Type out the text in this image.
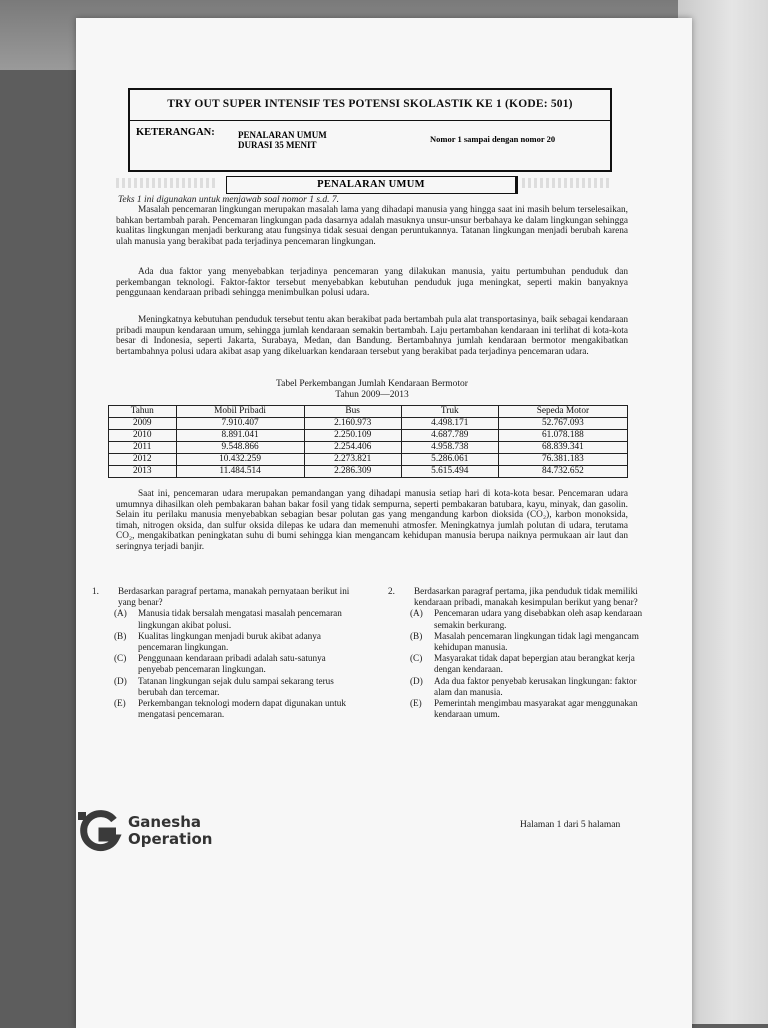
TRY OUT SUPER INTENSIF TES POTENSI SKOLASTIK KE 1 (KODE: 501)
KETERANGAN:	PENALARAN UMUM
DURASI 35 MENIT
Nomor 1 sampai dengan nomor 20
PENALARAN UMUM
Teks 1 ini digunakan untuk menjawab soal nomor 1 s.d. 7.

Masalah pencemaran lingkungan merupakan masalah lama yang dihadapi manusia yang hingga saat ini masih belum terselesaikan, bahkan bertambah parah. Pencemaran lingkungan pada dasarnya adalah masuknya unsur-unsur berbahaya ke dalam lingkungan sehingga kualitas lingkungan menjadi berkurang atau fungsinya tidak sesuai dengan peruntukannya. Tatanan lingkungan menjadi berubah karena ulah manusia yang berakibat pada terjadinya pencemaran lingkungan.

Ada dua faktor yang menyebabkan terjadinya pencemaran yang dilakukan manusia, yaitu pertumbuhan penduduk dan perkembangan teknologi. Faktor-faktor tersebut menyebabkan kebutuhan penduduk juga meningkat, seperti makin banyaknya penggunaan kendaraan pribadi sehingga menimbulkan polusi udara.

Meningkatnya kebutuhan penduduk tersebut tentu akan berakibat pada bertambah pula alat transportasinya, baik sebagai kendaraan pribadi maupun kendaraan umum, sehingga jumlah kendaraan semakin bertambah. Laju pertambahan kendaraan ini terlihat di kota-kota besar di Indonesia, seperti Jakarta, Surabaya, Medan, dan Bandung. Bertambahnya jumlah kendaraan bermotor mengakibatkan bertambahnya polusi udara akibat asap yang dikeluarkan kendaraan tersebut yang berakibat pada terjadinya pencemaran udara.

Tabel Perkembangan Jumlah Kendaraan Bermotor
Tahun 2009—2013
Tahun	Mobil Pribadi	Bus	Truk	Sepeda Motor
2009	7.910.407	2.160.973	4.498.171	52.767.093
2010	8.891.041	2.250.109	4.687.789	61.078.188
2011	9.548.866	2.254.406	4.958.738	68.839.341
2012	10.432.259	2.273.821	5.286.061	76.381.183
2013	11.484.514	2.286.309	5.615.494	84.732.652

Saat ini, pencemaran udara merupakan pemandangan yang dihadapi manusia setiap hari di kota-kota besar. Pencemaran udara umumnya dihasilkan oleh pembakaran bahan bakar fosil yang tidak sempurna, seperti pembakaran batubara, kayu, minyak, dan gasolin. Selain itu perilaku manusia menyebabkan sebagian besar polutan gas yang mengandung karbon dioksida (CO₂), karbon monoksida, timah, nitrogen oksida, dan sulfur oksida dilepas ke udara dan memenuhi atmosfer. Meningkatnya jumlah polutan di udara, terutama CO₂, mengakibatkan peningkatan suhu di bumi sehingga kian mengancam kehidupan manusia berupa naiknya permukaan air laut dan seringnya terjadi banjir.

1.	Berdasarkan paragraf pertama, manakah pernyataan berikut ini yang benar?
(A)	Manusia tidak bersalah mengatasi masalah pencemaran lingkungan akibat polusi.
(B)	Kualitas lingkungan menjadi buruk akibat adanya pencemaran lingkungan.
(C)	Penggunaan kendaraan pribadi adalah satu-satunya penyebab pencemaran lingkungan.
(D)	Tatanan lingkungan sejak dulu sampai sekarang terus berubah dan tercemar.
(E)	Perkembangan teknologi modern dapat digunakan untuk mengatasi pencemaran.
2.	Berdasarkan paragraf pertama, jika penduduk tidak memiliki kendaraan pribadi, manakah kesimpulan berikut yang benar?
(A)	Pencemaran udara yang disebabkan oleh asap kendaraan semakin berkurang.
(B)	Masalah pencemaran lingkungan tidak lagi mengancam kehidupan manusia.
(C)	Masyarakat tidak dapat bepergian atau berangkat kerja dengan kendaraan.
(D)	Ada dua faktor penyebab kerusakan lingkungan: faktor alam dan manusia.
(E)	Pemerintah mengimbau masyarakat agar menggunakan kendaraan umum.
Ganesha
Operation
Halaman 1 dari 5 halaman
